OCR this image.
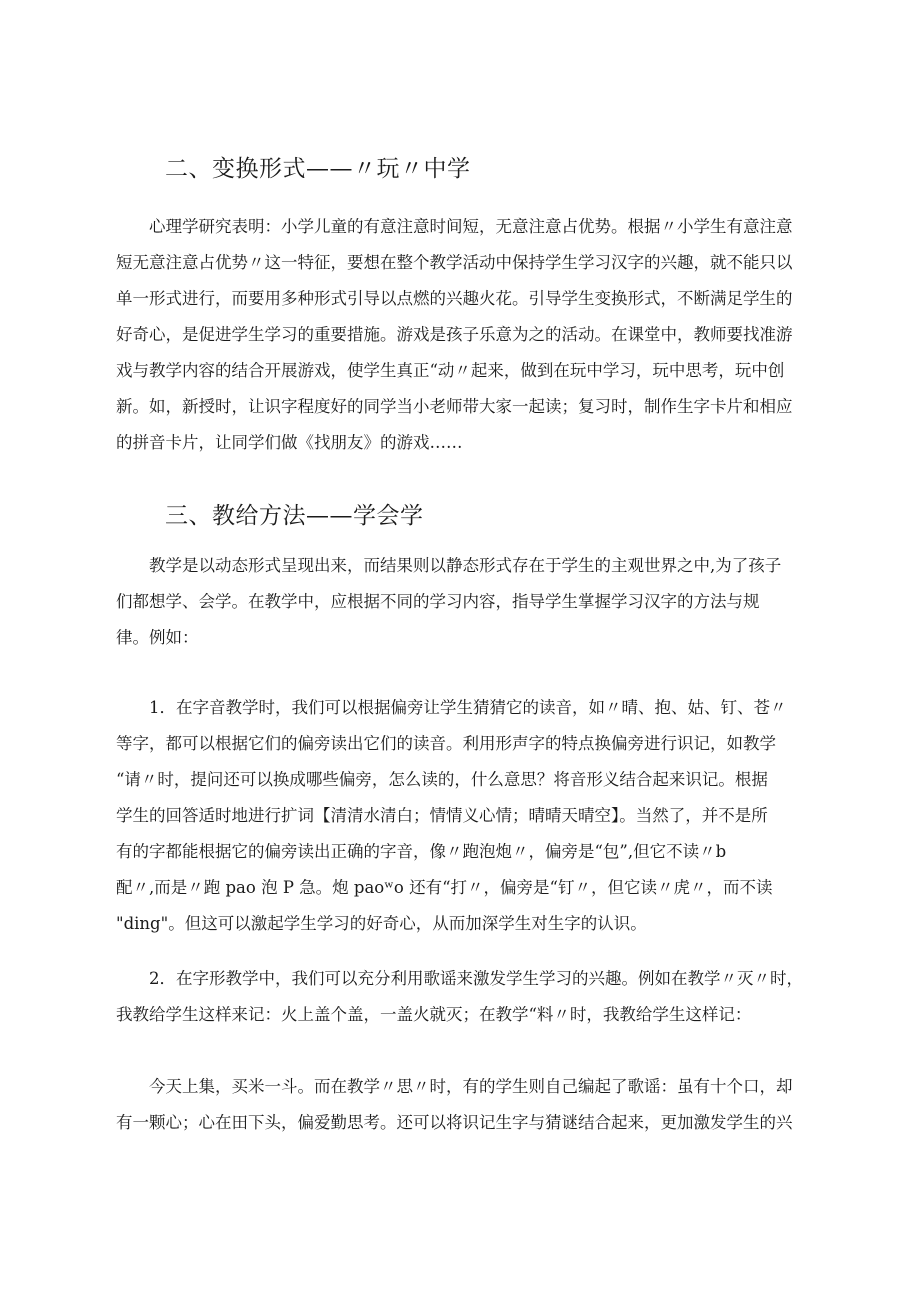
二、变换形式——〃玩〃中学
心理学研究表明：小学儿童的有意注意时间短，无意注意占优势。根据〃小学生有意注意
短无意注意占优势〃这一特征，要想在整个教学活动中保持学生学习汉字的兴趣，就不能只以
单一形式进行，而要用多种形式引导以点燃的兴趣火花。引导学生变换形式，不断满足学生的
好奇心，是促进学生学习的重要措施。游戏是孩子乐意为之的活动。在课堂中，教师要找准游
戏与教学内容的结合开展游戏，使学生真正“动〃起来，做到在玩中学习，玩中思考，玩中创
新。如，新授时，让识字程度好的同学当小老师带大家一起读；复习时，制作生字卡片和相应
的拼音卡片，让同学们做《找朋友》的游戏……
三、教给方法——学会学
教学是以动态形式呈现出来，而结果则以静态形式存在于学生的主观世界之中,为了孩子
们都想学、会学。在教学中，应根据不同的学习内容，指导学生掌握学习汉字的方法与规
律。例如：
1．在字音教学时，我们可以根据偏旁让学生猜猜它的读音，如〃晴、抱、姑、钉、苍〃
等字，都可以根据它们的偏旁读出它们的读音。利用形声字的特点换偏旁进行识记，如教学
“请〃时，提问还可以换成哪些偏旁，怎么读的，什么意思？将音形义结合起来识记。根据
学生的回答适时地进行扩词【清清水清白；情情义心情；晴晴天晴空】。当然了，并不是所
有的字都能根据它的偏旁读出正确的字音，像〃跑泡炮〃，偏旁是“包”,但它不读〃b
配〃,而是〃跑 pao 泡 P 急。炮 paoʷo 还有“打〃，偏旁是“钉〃，但它读〃虎〃，而不读
"ding"。但这可以激起学生学习的好奇心，从而加深学生对生字的认识。
2．在字形教学中，我们可以充分利用歌谣来激发学生学习的兴趣。例如在教学〃灭〃时，
我教给学生这样来记：火上盖个盖，一盖火就灭；在教学“料〃时，我教给学生这样记：
今天上集，买米一斗。而在教学〃思〃时，有的学生则自己编起了歌谣：虽有十个口，却
有一颗心；心在田下头，偏爱勤思考。还可以将识记生字与猜谜结合起来，更加激发学生的兴
